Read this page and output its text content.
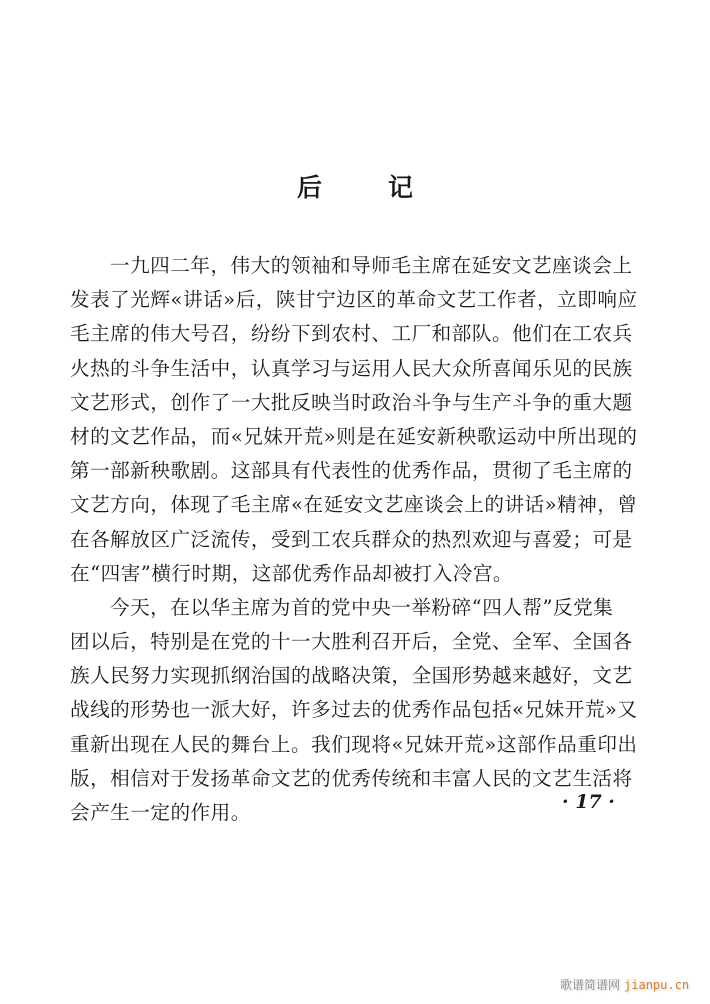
后	记
一九四二年，伟大的领袖和导师毛主席在延安文艺座谈会上
发表了光辉«讲话»后，陕甘宁边区的革命文艺工作者，立即响应
毛主席的伟大号召，纷纷下到农村、工厂和部队。他们在工农兵
火热的斗争生活中，认真学习与运用人民大众所喜闻乐见的民族
文艺形式，创作了一大批反映当时政治斗争与生产斗争的重大题
材的文艺作品，而«兄妹开荒»则是在延安新秧歌运动中所出现的
第一部新秧歌剧。这部具有代表性的优秀作品，贯彻了毛主席的
文艺方向，体现了毛主席«在延安文艺座谈会上的讲话»精神，曾
在各解放区广泛流传，受到工农兵群众的热烈欢迎与喜爱；可是
在“四害”横行时期，这部优秀作品却被打入冷宫。
今天，在以华主席为首的党中央一举粉碎“四人帮”反党集
团以后，特别是在党的十一大胜利召开后，全党、全军、全国各
族人民努力实现抓纲治国的战略决策，全国形势越来越好，文艺
战线的形势也一派大好，许多过去的优秀作品包括«兄妹开荒»又
重新出现在人民的舞台上。我们现将«兄妹开荒»这部作品重印出
版，相信对于发扬革命文艺的优秀传统和丰富人民的文艺生活将
会产生一定的作用。	· 17 ·
歌谱简谱网 jianpu.cn
